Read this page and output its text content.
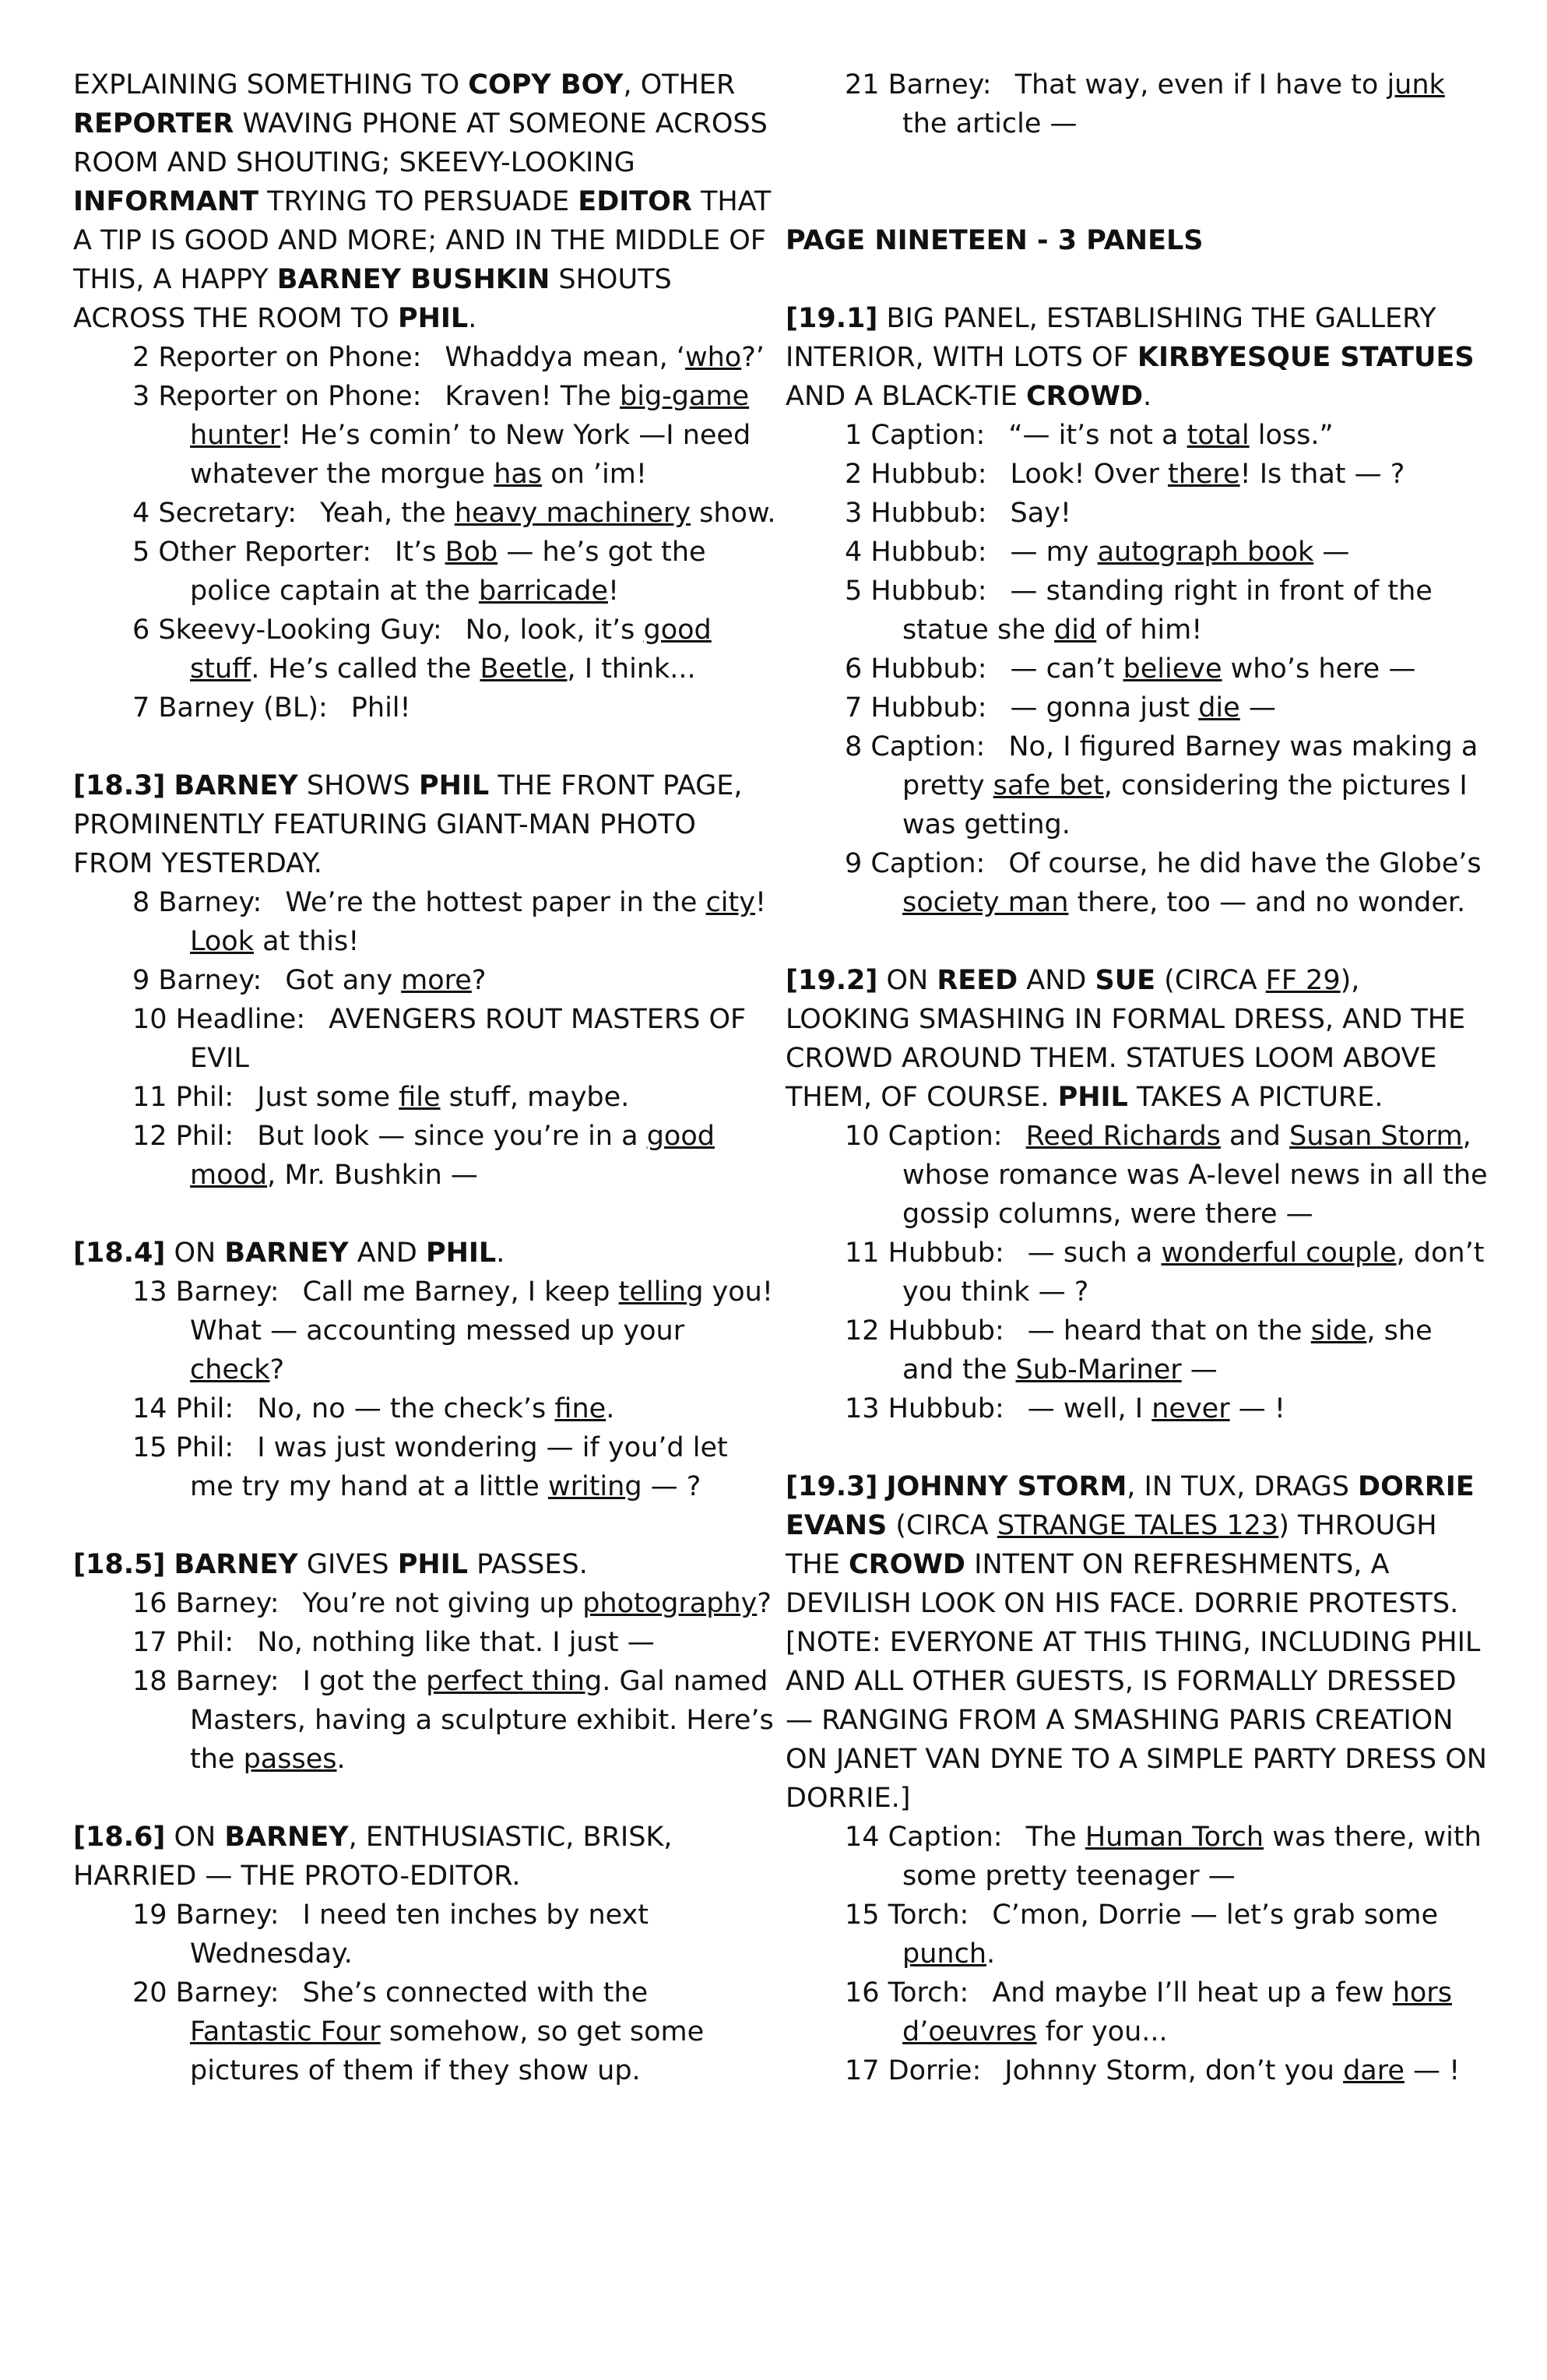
EXPLAINING SOMETHING TO COPY BOY, OTHER REPORTER WAVING PHONE AT SOMEONE ACROSS ROOM AND SHOUTING; SKEEVY-LOOKING INFORMANT TRYING TO PERSUADE EDITOR THAT A TIP IS GOOD AND MORE; AND IN THE MIDDLE OF THIS, A HAPPY BARNEY BUSHKIN SHOUTS ACROSS THE ROOM TO PHIL.
2 Reporter on Phone: Whaddya mean, ‘who?’
3 Reporter on Phone: Kraven! The big-game hunter! He’s comin’ to New York —I need whatever the morgue has on ’im!
4 Secretary: Yeah, the heavy machinery show.
5 Other Reporter: It’s Bob — he’s got the police captain at the barricade!
6 Skeevy-Looking Guy: No, look, it’s good stuff. He’s called the Beetle, I think...
7 Barney (BL): Phil!
[18.3] BARNEY SHOWS PHIL THE FRONT PAGE, PROMINENTLY FEATURING GIANT-MAN PHOTO FROM YESTERDAY.
8 Barney: We’re the hottest paper in the city! Look at this!
9 Barney: Got any more?
10 Headline: AVENGERS ROUT MASTERS OF EVIL
11 Phil: Just some file stuff, maybe.
12 Phil: But look — since you’re in a good mood, Mr. Bushkin —
[18.4] ON BARNEY AND PHIL.
13 Barney: Call me Barney, I keep telling you! What — accounting messed up your check?
14 Phil: No, no — the check’s fine.
15 Phil: I was just wondering — if you’d let me try my hand at a little writing — ?
[18.5] BARNEY GIVES PHIL PASSES.
16 Barney: You’re not giving up photography?
17 Phil: No, nothing like that. I just —
18 Barney: I got the perfect thing. Gal named Masters, having a sculpture exhibit. Here’s the passes.
[18.6] ON BARNEY, ENTHUSIASTIC, BRISK, HARRIED — THE PROTO-EDITOR.
19 Barney: I need ten inches by next Wednesday.
20 Barney: She’s connected with the Fantastic Four somehow, so get some pictures of them if they show up.
21 Barney: That way, even if I have to junk the article —
PAGE NINETEEN - 3 PANELS
[19.1] BIG PANEL, ESTABLISHING THE GALLERY INTERIOR, WITH LOTS OF KIRBYESQUE STATUES AND A BLACK-TIE CROWD.
1 Caption: “— it’s not a total loss.”
2 Hubbub: Look! Over there! Is that — ?
3 Hubbub: Say!
4 Hubbub: — my autograph book —
5 Hubbub: — standing right in front of the statue she did of him!
6 Hubbub: — can’t believe who’s here —
7 Hubbub: — gonna just die —
8 Caption: No, I figured Barney was making a pretty safe bet, considering the pictures I was getting.
9 Caption: Of course, he did have the Globe’s society man there, too — and no wonder.
[19.2] ON REED AND SUE (CIRCA FF 29), LOOKING SMASHING IN FORMAL DRESS, AND THE CROWD AROUND THEM. STATUES LOOM ABOVE THEM, OF COURSE. PHIL TAKES A PICTURE.
10 Caption: Reed Richards and Susan Storm, whose romance was A-level news in all the gossip columns, were there —
11 Hubbub: — such a wonderful couple, don’t you think — ?
12 Hubbub: — heard that on the side, she and the Sub-Mariner —
13 Hubbub: — well, I never — !
[19.3] JOHNNY STORM, IN TUX, DRAGS DORRIE EVANS (CIRCA STRANGE TALES 123) THROUGH THE CROWD INTENT ON REFRESHMENTS, A DEVILISH LOOK ON HIS FACE. DORRIE PROTESTS. [NOTE: EVERYONE AT THIS THING, INCLUDING PHIL AND ALL OTHER GUESTS, IS FORMALLY DRESSED — RANGING FROM A SMASHING PARIS CREATION ON JANET VAN DYNE TO A SIMPLE PARTY DRESS ON DORRIE.]
14 Caption: The Human Torch was there, with some pretty teenager —
15 Torch: C’mon, Dorrie — let’s grab some punch.
16 Torch: And maybe I’ll heat up a few hors d’oeuvres for you...
17 Dorrie: Johnny Storm, don’t you dare — !
